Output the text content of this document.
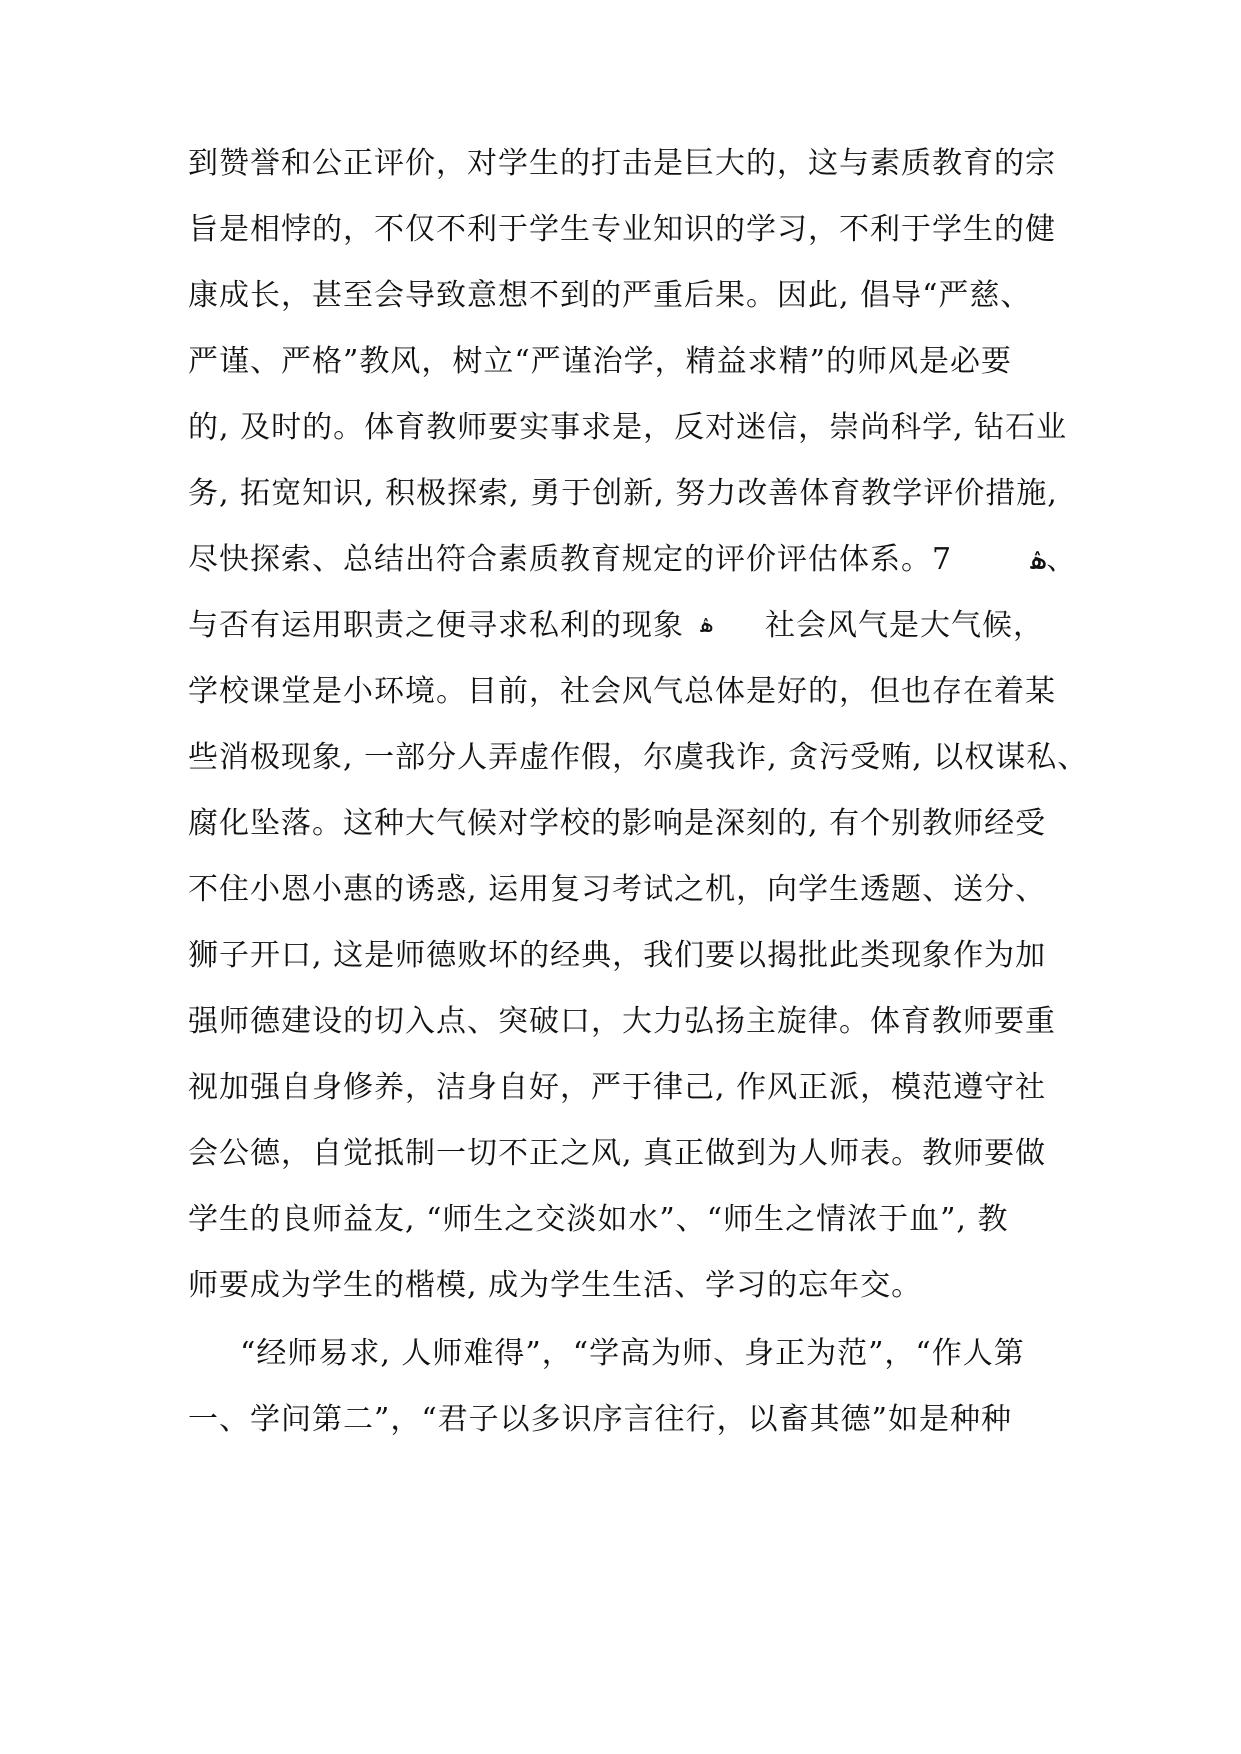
到赞誉和公正评价，对学生的打击是巨大的，这与素质教育的宗
旨是相悖的，不仅不利于学生专业知识的学习，不利于学生的健
康成长，甚至会导致意想不到的严重后果。因此, 倡导“严慈、
严谨、严格”教风，树立“严谨治学，精益求精”的师风是必要
的, 及时的。体育教师要实事求是，反对迷信，崇尚科学, 钻石业
务, 拓宽知识, 积极探索, 勇于创新, 努力改善体育教学评价措施,
尽快探索、总结出符合素质教育规定的评价评估体系。7	ۿ、
与否有运用职责之便寻求私利的现象 ۿ 社会风气是大气候，
学校课堂是小环境。目前，社会风气总体是好的，但也存在着某
些消极现象, 一部分人弄虚作假，尔虞我诈, 贪污受贿, 以权谋私、
腐化坠落。这种大气候对学校的影响是深刻的, 有个别教师经受
不住小恩小惠的诱惑, 运用复习考试之机，向学生透题、送分、
狮子开口, 这是师德败坏的经典，我们要以揭批此类现象作为加
强师德建设的切入点、突破口，大力弘扬主旋律。体育教师要重
视加强自身修养，洁身自好，严于律己, 作风正派，模范遵守社
会公德，自觉抵制一切不正之风, 真正做到为人师表。教师要做
学生的良师益友, “师生之交淡如水”、“师生之情浓于血”, 教
师要成为学生的楷模, 成为学生生活、学习的忘年交。
“经师易求, 人师难得”，“学高为师、身正为范”，“作人第
一、学问第二”，“君子以多识序言往行，以畜其德”如是种种
